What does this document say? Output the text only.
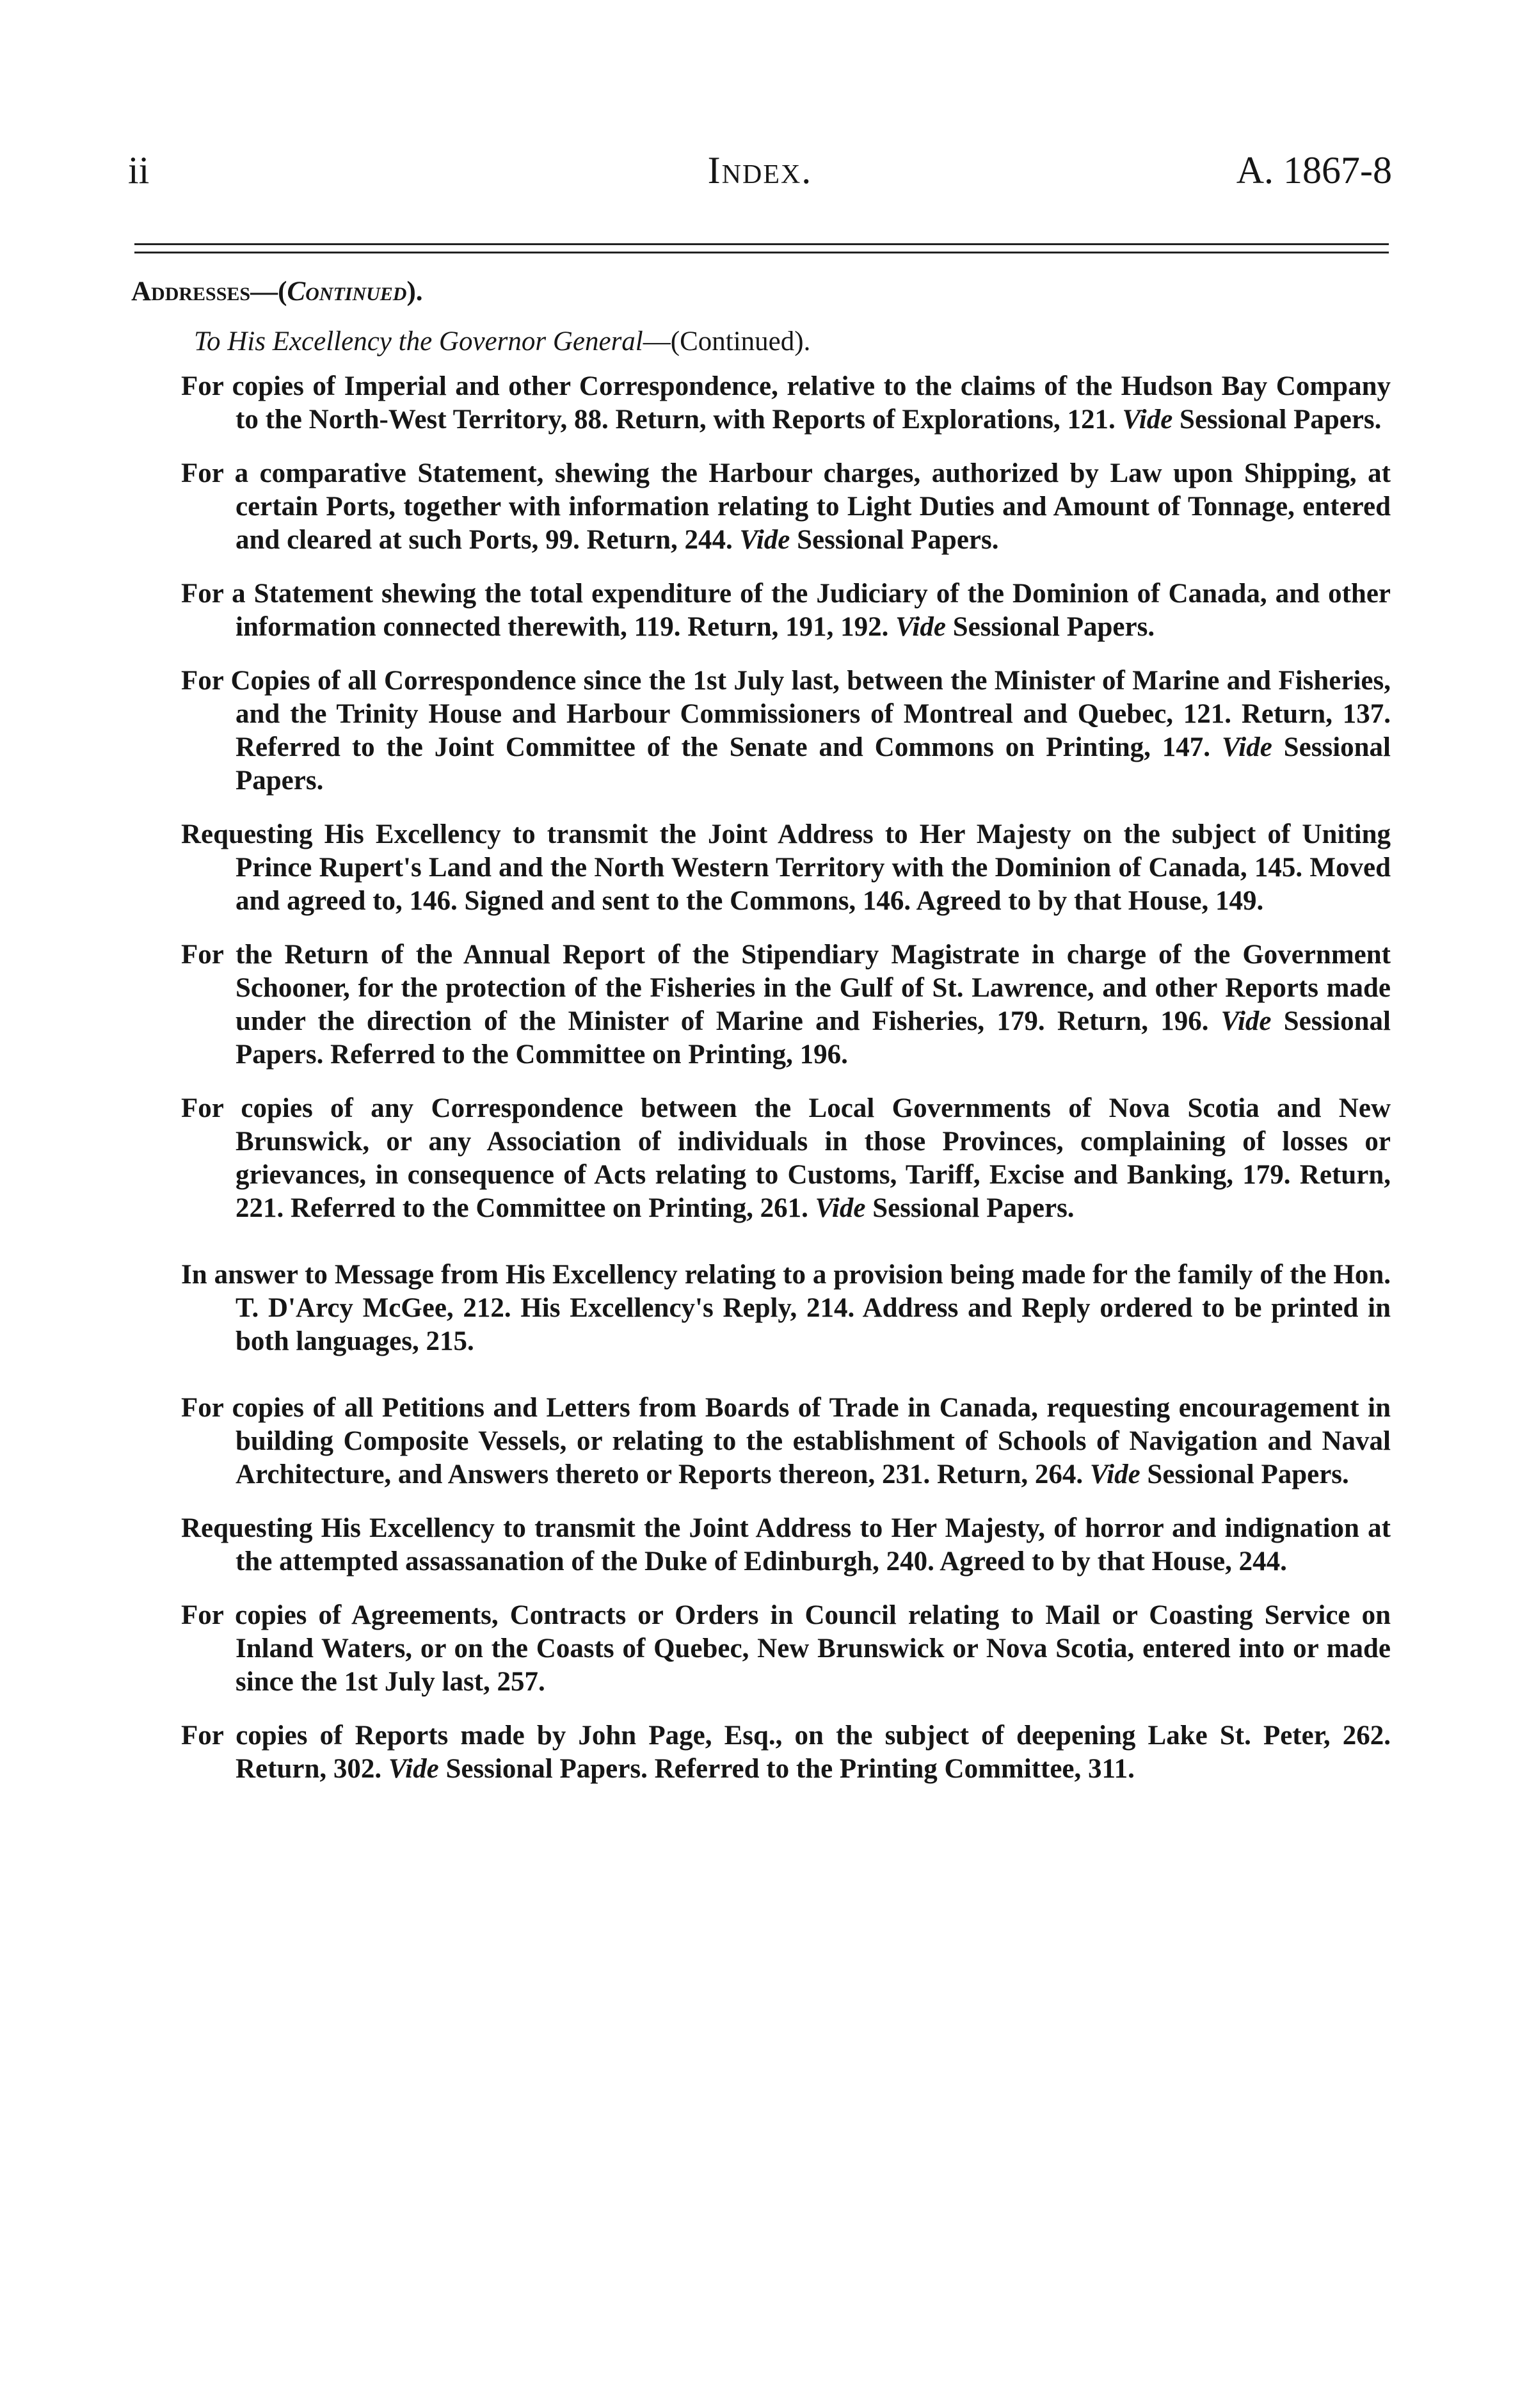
ii	Index.	A. 1867-8
Addresses—(Continued).
To His Excellency the Governor General—(Continued).

For copies of Imperial and other Correspondence, relative to the claims of the Hudson Bay Company to the North-West Territory, 88. Return, with Reports of Explorations, 121. Vide Sessional Papers.

For a comparative Statement, shewing the Harbour charges, authorized by Law upon Shipping, at certain Ports, together with information relating to Light Duties and Amount of Tonnage, entered and cleared at such Ports, 99. Return, 244. Vide Sessional Papers.

For a Statement shewing the total expenditure of the Judiciary of the Dominion of Canada, and other information connected therewith, 119. Return, 191, 192. Vide Sessional Papers.

For Copies of all Correspondence since the 1st July last, between the Minister of Marine and Fisheries, and the Trinity House and Harbour Commissioners of Montreal and Quebec, 121. Return, 137. Referred to the Joint Committee of the Senate and Commons on Printing, 147. Vide Sessional Papers.

Requesting His Excellency to transmit the Joint Address to Her Majesty on the subject of Uniting Prince Rupert's Land and the North Western Territory with the Dominion of Canada, 145. Moved and agreed to, 146. Signed and sent to the Commons, 146. Agreed to by that House, 149.

For the Return of the Annual Report of the Stipendiary Magistrate in charge of the Government Schooner, for the protection of the Fisheries in the Gulf of St. Lawrence, and other Reports made under the direction of the Minister of Marine and Fisheries, 179. Return, 196. Vide Sessional Papers. Referred to the Committee on Printing, 196.

For copies of any Correspondence between the Local Governments of Nova Scotia and New Brunswick, or any Association of individuals in those Provinces, complaining of losses or grievances, in consequence of Acts relating to Customs, Tariff, Excise and Banking, 179. Return, 221. Referred to the Committee on Printing, 261. Vide Sessional Papers.

In answer to Message from His Excellency relating to a provision being made for the family of the Hon. T. D'Arcy McGee, 212. His Excellency's Reply, 214. Address and Reply ordered to be printed in both languages, 215.

For copies of all Petitions and Letters from Boards of Trade in Canada, requesting encouragement in building Composite Vessels, or relating to the establishment of Schools of Navigation and Naval Architecture, and Answers thereto or Reports thereon, 231. Return, 264. Vide Sessional Papers.

Requesting His Excellency to transmit the Joint Address to Her Majesty, of horror and indignation at the attempted assassanation of the Duke of Edinburgh, 240. Agreed to by that House, 244.

For copies of Agreements, Contracts or Orders in Council relating to Mail or Coasting Service on Inland Waters, or on the Coasts of Quebec, New Brunswick or Nova Scotia, entered into or made since the 1st July last, 257.

For copies of Reports made by John Page, Esq., on the subject of deepening Lake St. Peter, 262. Return, 302. Vide Sessional Papers. Referred to the Printing Committee, 311.
